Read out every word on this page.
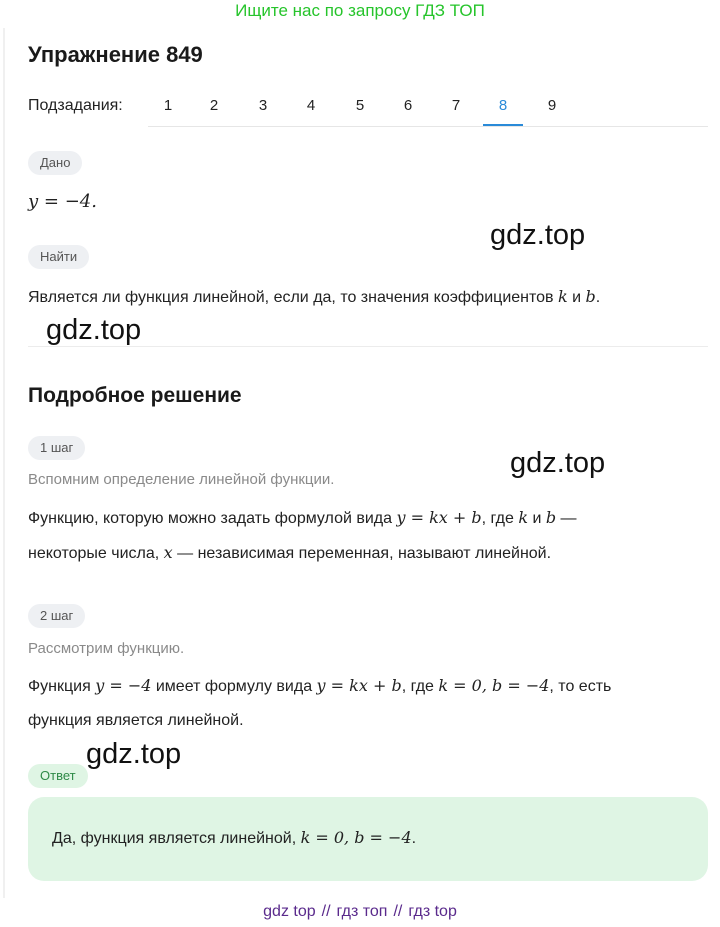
Ищите нас по запросу ГДЗ ТОП
Упражнение 849
Подзадания:	1	2	3	4	5	6	7	8	9
Дано
y = −4.
gdz.top
Найти
Является ли функция линейной, если да, то значения коэффициентов k и b.
gdz.top
Подробное решение
1 шаг	gdz.top
Вспомним определение линейной функции.
Функцию, которую можно задать формулой вида y = kx + b, где k и b —
некоторые числа, x — независимая переменная, называют линейной.
2 шаг
Рассмотрим функцию.
Функция y = −4 имеет формулу вида y = kx + b, где k = 0, b = −4, то есть
функция является линейной.
gdz.top
Ответ
Да, функция является линейной, k = 0, b = −4.
gdz top // гдз топ // гдз top
